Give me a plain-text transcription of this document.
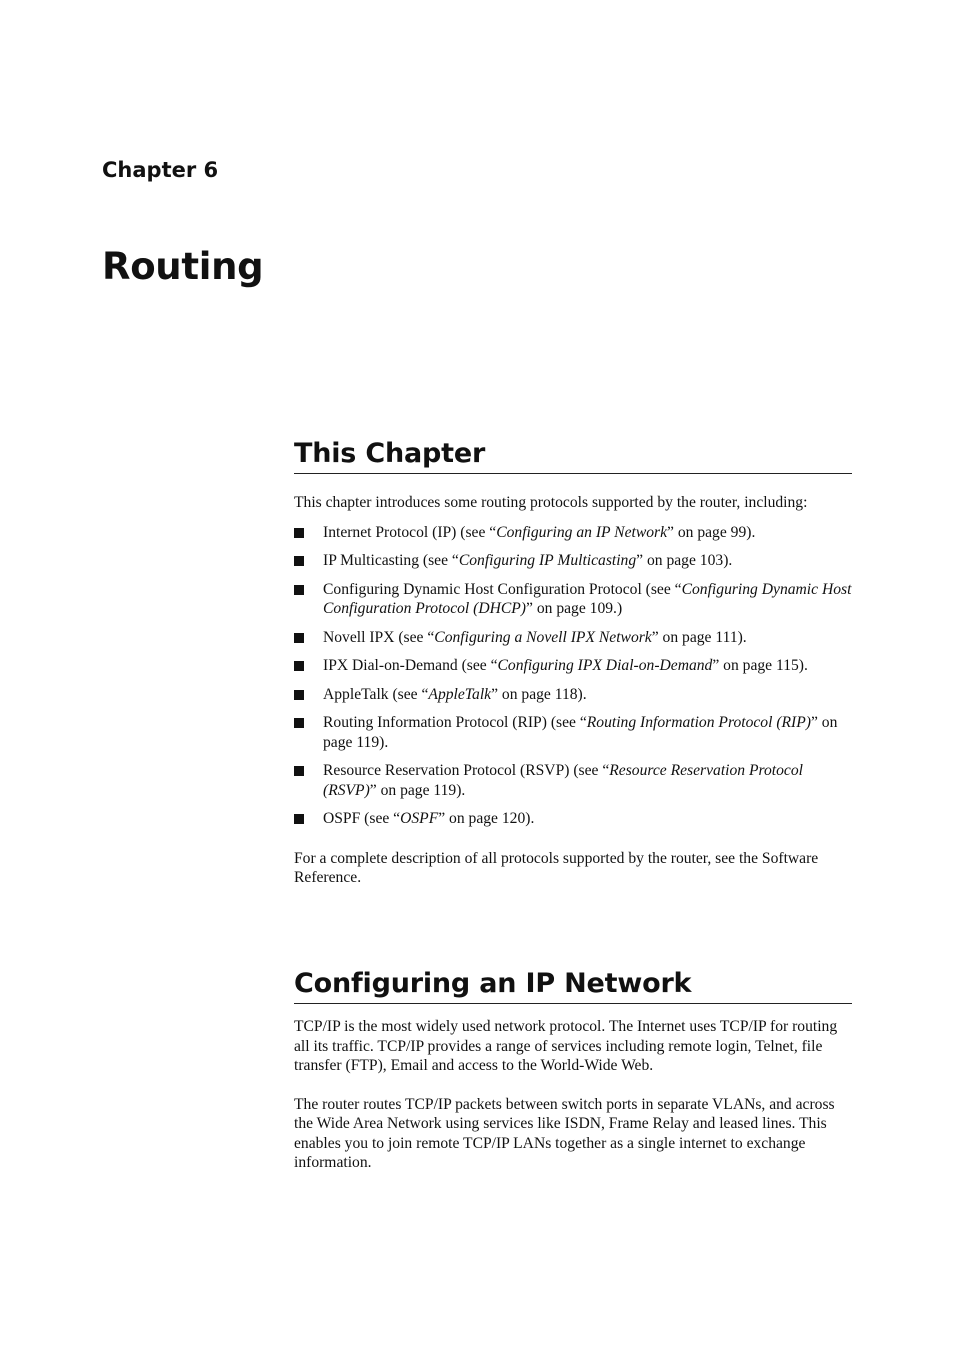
Chapter 6
Routing
This Chapter

This chapter introduces some routing protocols supported by the router, including:

Internet Protocol (IP) (see “Configuring an IP Network” on page 99).
IP Multicasting (see “Configuring IP Multicasting” on page 103).
Configuring Dynamic Host Configuration Protocol (see “Configuring Dynamic Host Configuration Protocol (DHCP)” on page 109.)
Novell IPX (see “Configuring a Novell IPX Network” on page 111).
IPX Dial-on-Demand (see “Configuring IPX Dial-on-Demand” on page 115).
AppleTalk (see “AppleTalk” on page 118).
Routing Information Protocol (RIP) (see “Routing Information Protocol (RIP)” on page 119).
Resource Reservation Protocol (RSVP) (see “Resource Reservation Protocol (RSVP)” on page 119).
OSPF (see “OSPF” on page 120).

For a complete description of all protocols supported by the router, see the Software Reference.

Configuring an IP Network

TCP/IP is the most widely used network protocol. The Internet uses TCP/IP for routing all its traffic. TCP/IP provides a range of services including remote login, Telnet, file transfer (FTP), Email and access to the World-Wide Web.

The router routes TCP/IP packets between switch ports in separate VLANs, and across the Wide Area Network using services like ISDN, Frame Relay and leased lines. This enables you to join remote TCP/IP LANs together as a single internet to exchange information.
